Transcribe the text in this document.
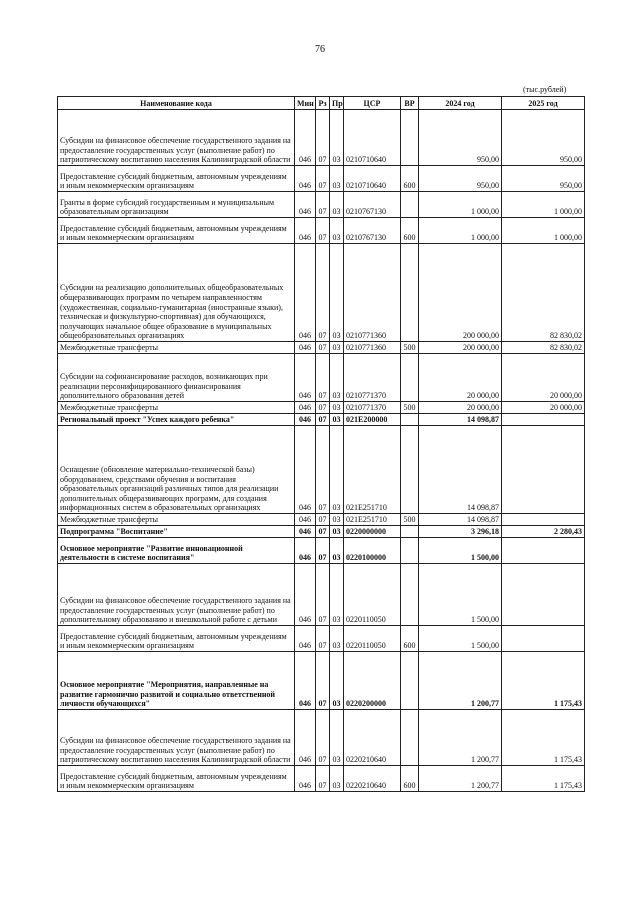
76
(тыс.рублей)
Наименование кода	Мин	Рз	Пр	ЦСР	ВР	2024 год	2025 год
Субсидии на финансовое обеспечение государственного задания на предоставление государственных услуг (выполнение работ) по патриотическому воспитанию населения Калининградской области	046	07	03	0210710640		950,00	950,00
Предоставление субсидий бюджетным, автономным учреждениям и иным некоммерческим организациям	046	07	03	0210710640	600	950,00	950,00
Гранты в форме субсидий государственным и муниципальным образовательным организациям	046	07	03	0210767130		1 000,00	1 000,00
Предоставление субсидий бюджетным, автономным учреждениям и иным некоммерческим организациям	046	07	03	0210767130	600	1 000,00	1 000,00
Субсидии на реализацию дополнительных общеобразовательных общеразвивающих программ по четырем направленностям (художественная, социально-гуманитарная (иностранные языки), техническая и физкультурно-спортивная) для обучающихся, получающих начальное общее образование в муниципальных общеобразовательных организациях	046	07	03	0210771360		200 000,00	82 830,02
Межбюджетные трансферты	046	07	03	0210771360	500	200 000,00	82 830,02
Субсидии на софинансирование расходов, возникающих при реализации персонифицированного финансирования дополнительного образования детей	046	07	03	0210771370		20 000,00	20 000,00
Межбюджетные трансферты	046	07	03	0210771370	500	20 000,00	20 000,00
Региональный проект "Успех каждого ребенка"	046	07	03	021E200000		14 098,87	
Оснащение (обновление материально-технической базы) оборудованием, средствами обучения и воспитания образовательных организаций различных типов для реализации дополнительных общеразвивающих программ, для создания информационных систем в образовательных организациях	046	07	03	021E251710		14 098,87	
Межбюджетные трансферты	046	07	03	021E251710	500	14 098,87	
Подпрограмма "Воспитание"	046	07	03	0220000000		3 296,18	2 280,43
Основное мероприятие "Развитие инновационной деятельности в системе воспитания"	046	07	03	0220100000		1 500,00	
Субсидии на финансовое обеспечение государственного задания на предоставление государственных услуг (выполнение работ) по дополнительному образованию и внешкольной работе с детьми	046	07	03	0220110050		1 500,00	
Предоставление субсидий бюджетным, автономным учреждениям и иным некоммерческим организациям	046	07	03	0220110050	600	1 500,00	
Основное мероприятие "Мероприятия, направленные на развитие гармонично развитой и социально ответственной личности обучающихся"	046	07	03	0220200000		1 200,77	1 175,43
Субсидии на финансовое обеспечение государственного задания на предоставление государственных услуг (выполнение работ) по патриотическому воспитанию населения Калининградской области	046	07	03	0220210640		1 200,77	1 175,43
Предоставление субсидий бюджетным, автономным учреждениям и иным некоммерческим организациям	046	07	03	0220210640	600	1 200,77	1 175,43
